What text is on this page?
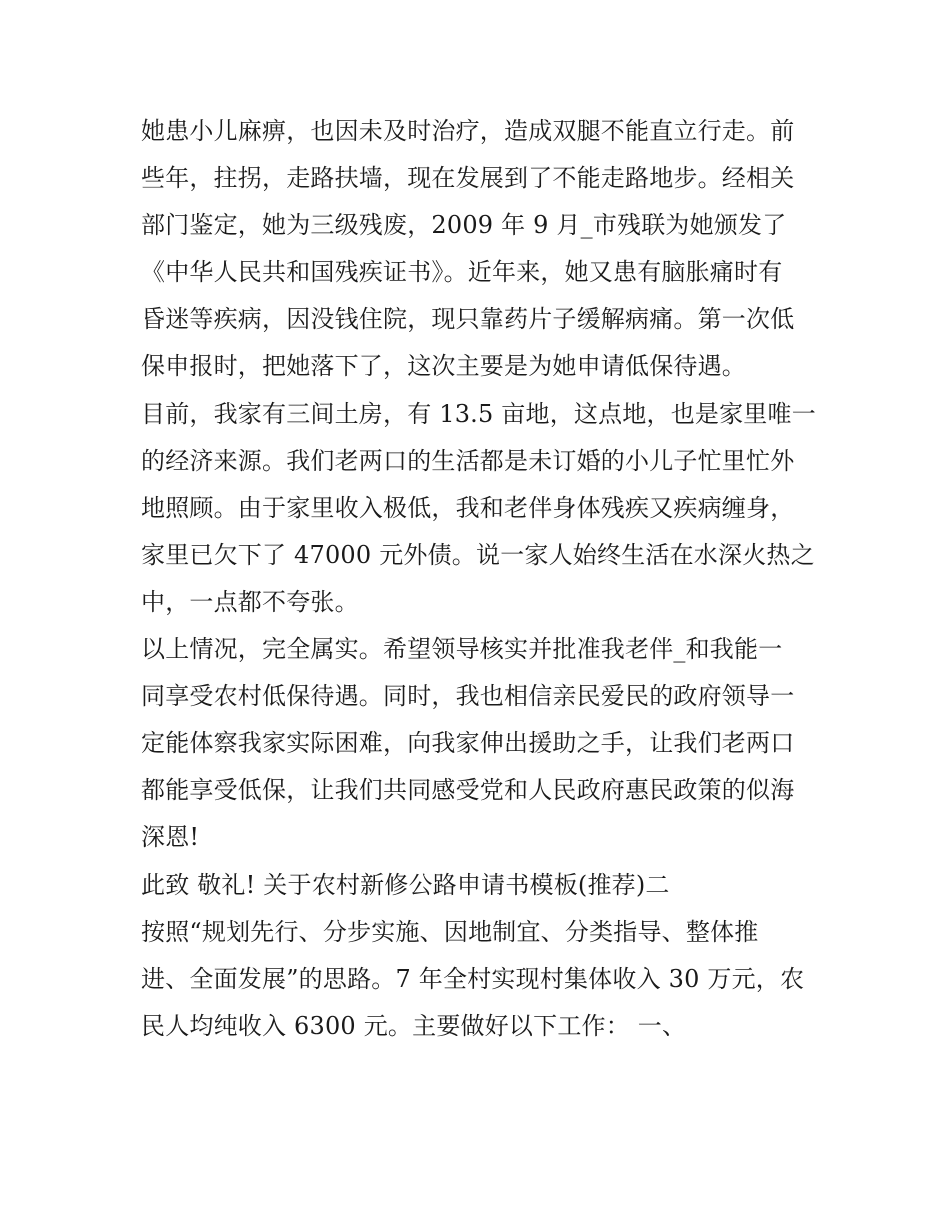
她患小儿麻痹，也因未及时治疗，造成双腿不能直立行走。前
些年，拄拐，走路扶墙，现在发展到了不能走路地步。经相关
部门鉴定，她为三级残废，2009 年 9 月_市残联为她颁发了
《中华人民共和国残疾证书》。近年来，她又患有脑胀痛时有
昏迷等疾病，因没钱住院，现只靠药片子缓解病痛。第一次低
保申报时，把她落下了，这次主要是为她申请低保待遇。
目前，我家有三间土房，有 13.5 亩地，这点地，也是家里唯一
的经济来源。我们老两口的生活都是未订婚的小儿子忙里忙外
地照顾。由于家里收入极低，我和老伴身体残疾又疾病缠身，
家里已欠下了 47000 元外债。说一家人始终生活在水深火热之
中，一点都不夸张。
以上情况，完全属实。希望领导核实并批准我老伴_和我能一
同享受农村低保待遇。同时，我也相信亲民爱民的政府领导一
定能体察我家实际困难，向我家伸出援助之手，让我们老两口
都能享受低保，让我们共同感受党和人民政府惠民政策的似海
深恩!
此致 敬礼! 关于农村新修公路申请书模板(推荐)二
按照“规划先行、分步实施、因地制宜、分类指导、整体推
进、全面发展”的思路。7 年全村实现村集体收入 30 万元，农
民人均纯收入 6300 元。主要做好以下工作： 一、
